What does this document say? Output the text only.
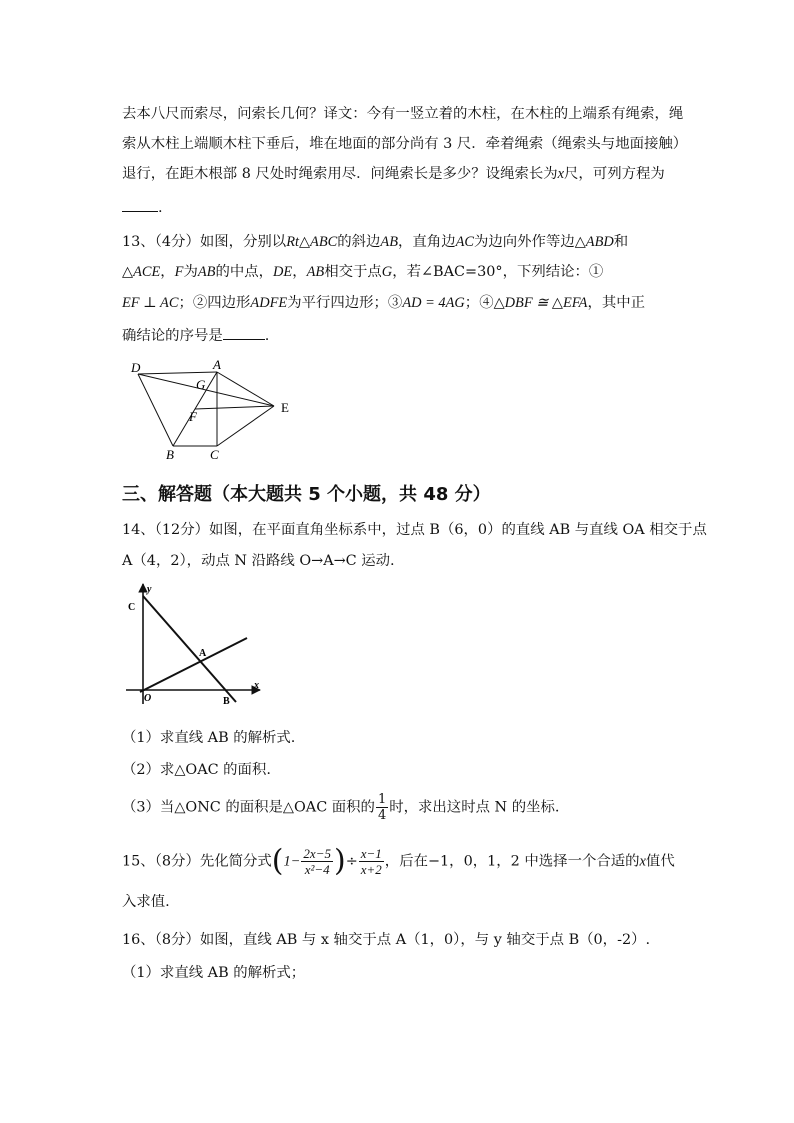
去本八尺而索尽，问索长几何？译文：今有一竖立着的木柱，在木柱的上端系有绳索，绳
索从木柱上端顺木柱下垂后，堆在地面的部分尚有 3 尺．牵着绳索（绳索头与地面接触）
退行，在距木根部 8 尺处时绳索用尽．问绳索长是多少？设绳索长为x尺，可列方程为
.
13、（4分）如图，分别以Rt△ABC的斜边AB，直角边AC为边向外作等边△ABD和
△ACE，F为AB的中点，DE，AB相交于点G，若∠BAC=30°，下列结论：①
EF ⊥ AC；②四边形ADFE为平行四边形；③AD = 4AG；④△DBF ≅ △EFA，其中正
确结论的序号是	.
D	A
G
F
E
B	C
三、解答题（本大题共 5 个小题，共 48 分）
14、（12分）如图，在平面直角坐标系中，过点 B（6，0）的直线 AB 与直线 OA 相交于点
A（4，2），动点 N 沿路线 O→A→C 运动.
y
x
C
A
O	B
（1）求直线 AB 的解析式.
（2）求△OAC 的面积.
（3）当△ONC 的面积是△OAC 面积的 $\frac{1}{4}$ 时，求出这时点 N 的坐标.
15、（8分）先化简分式($1- \frac{2x-5}{\text{x²−4}}$ )÷ $\frac{x-1}{x+2}$ ，后在−1，0，1，2 中选择一个合适的x值代
入求值.
16、（8分）如图，直线 AB 与 x 轴交于点 A（1，0），与 y 轴交于点 B（0，-2）.
（1）求直线 AB 的解析式；
